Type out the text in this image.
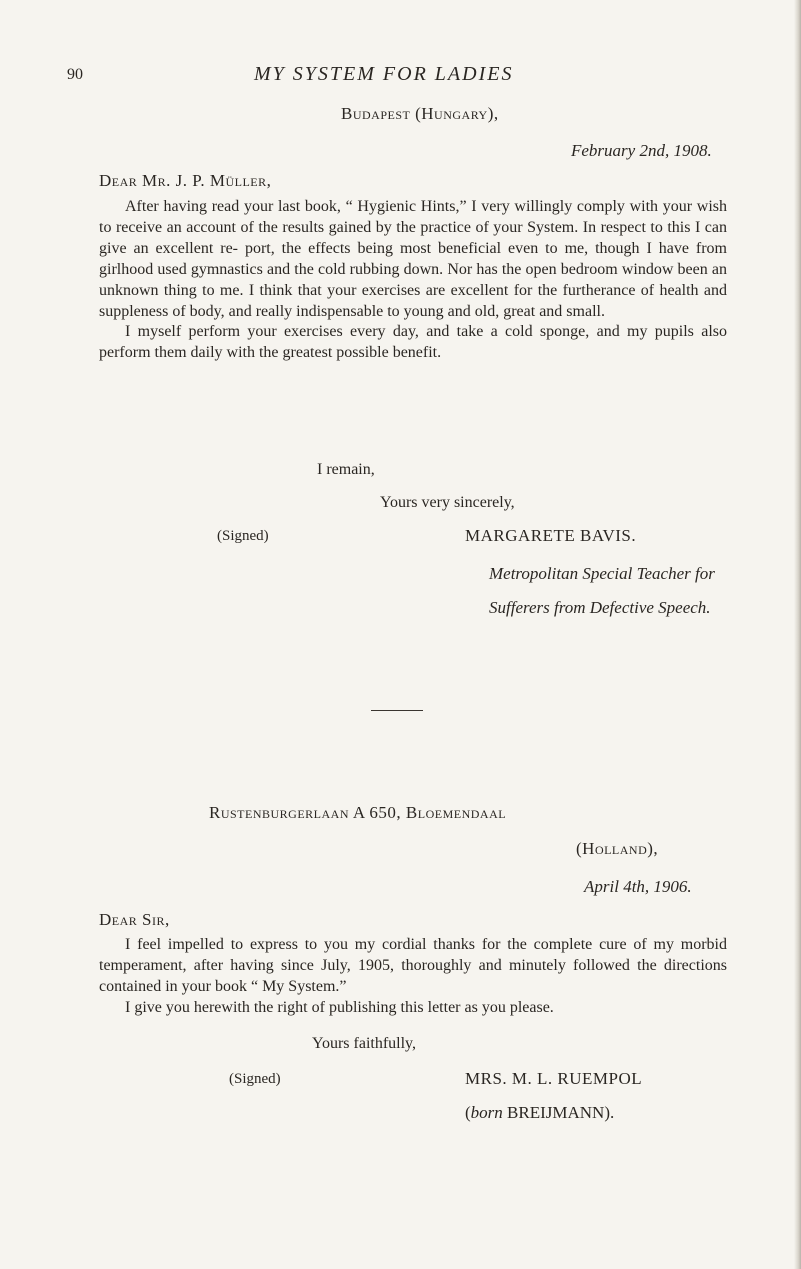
90	MY SYSTEM FOR LADIES
Budapest (Hungary),
February 2nd, 1908.
Dear Mr. J. P. Müller,

After having read your last book, “ Hygienic Hints,” I very willingly comply with your wish to receive an account of the results gained by the practice of your System. In respect to this I can give an excellent re- port, the effects being most beneficial even to me, though I have from girlhood used gymnastics and the cold rubbing down. Nor has the open bedroom window been an unknown thing to me. I think that your exercises are excellent for the furtherance of health and suppleness of body, and really indispensable to young and old, great and small.

I myself perform your exercises every day, and take a cold sponge, and my pupils also perform them daily with the greatest possible benefit.

I remain,
Yours very sincerely,
(Signed)	MARGARETE BAVIS.
Metropolitan Special Teacher for
Sufferers from Defective Speech.
Rustenburgerlaan A 650, Bloemendaal
(Holland),
April 4th, 1906.
Dear Sir,

I feel impelled to express to you my cordial thanks for the complete cure of my morbid temperament, after having since July, 1905, thoroughly and minutely followed the directions contained in your book “ My System.”

I give you herewith the right of publishing this letter as you please.

Yours faithfully,
(Signed)	MRS. M. L. RUEMPOL
(born BREIJMANN).
